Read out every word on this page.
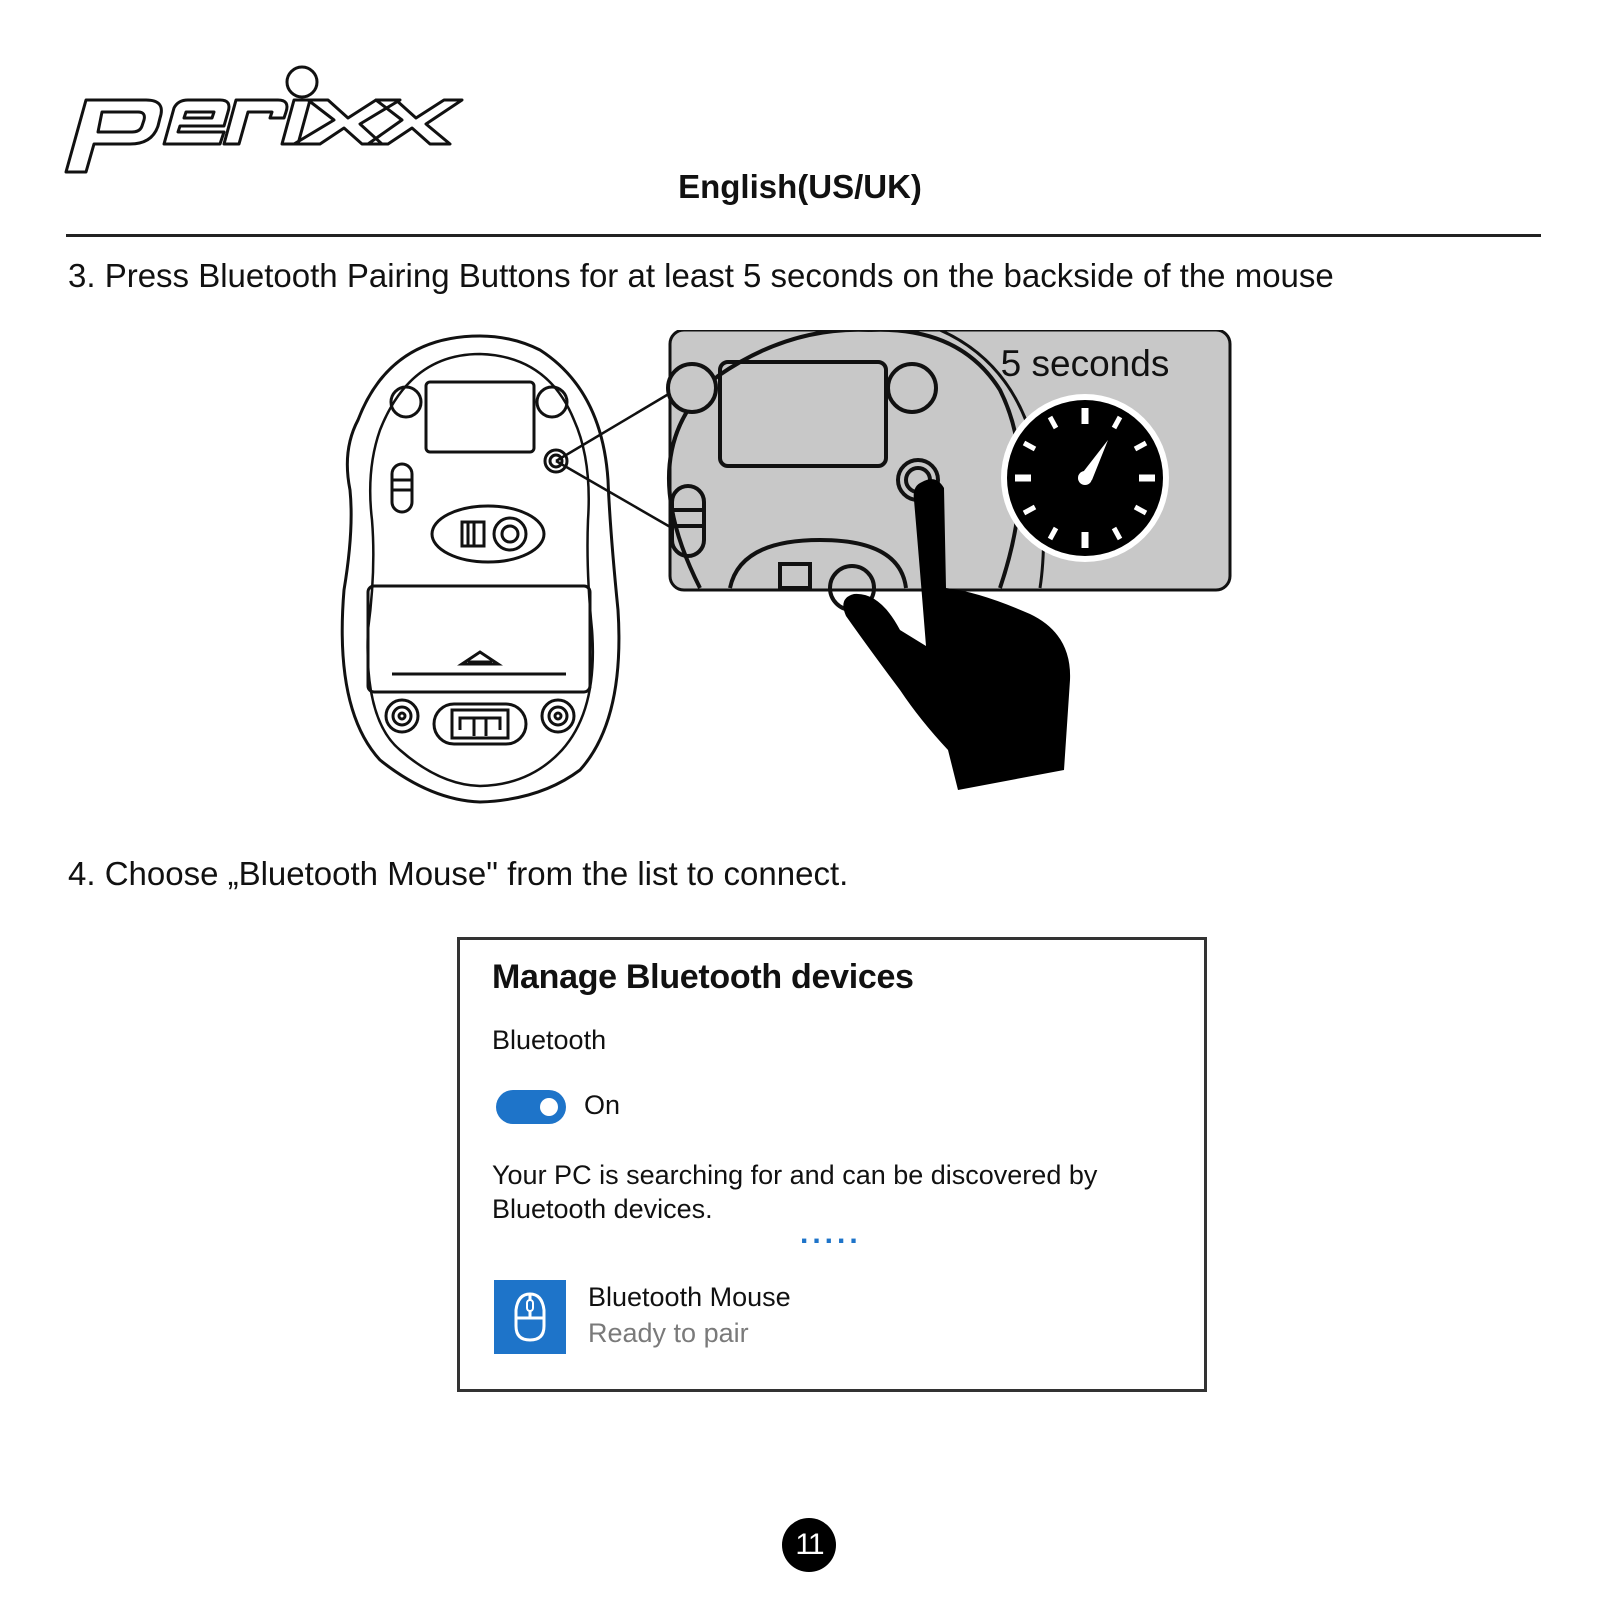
English(US/UK)
3. Press Bluetooth Pairing Buttons for at least 5 seconds on the backside of the mouse
5 seconds
4. Choose „Bluetooth Mouse" from the list to connect.
Manage Bluetooth devices
Bluetooth
On
Your PC is searching for and can be discovered by Bluetooth devices.
.....
Bluetooth Mouse
Ready to pair
11
